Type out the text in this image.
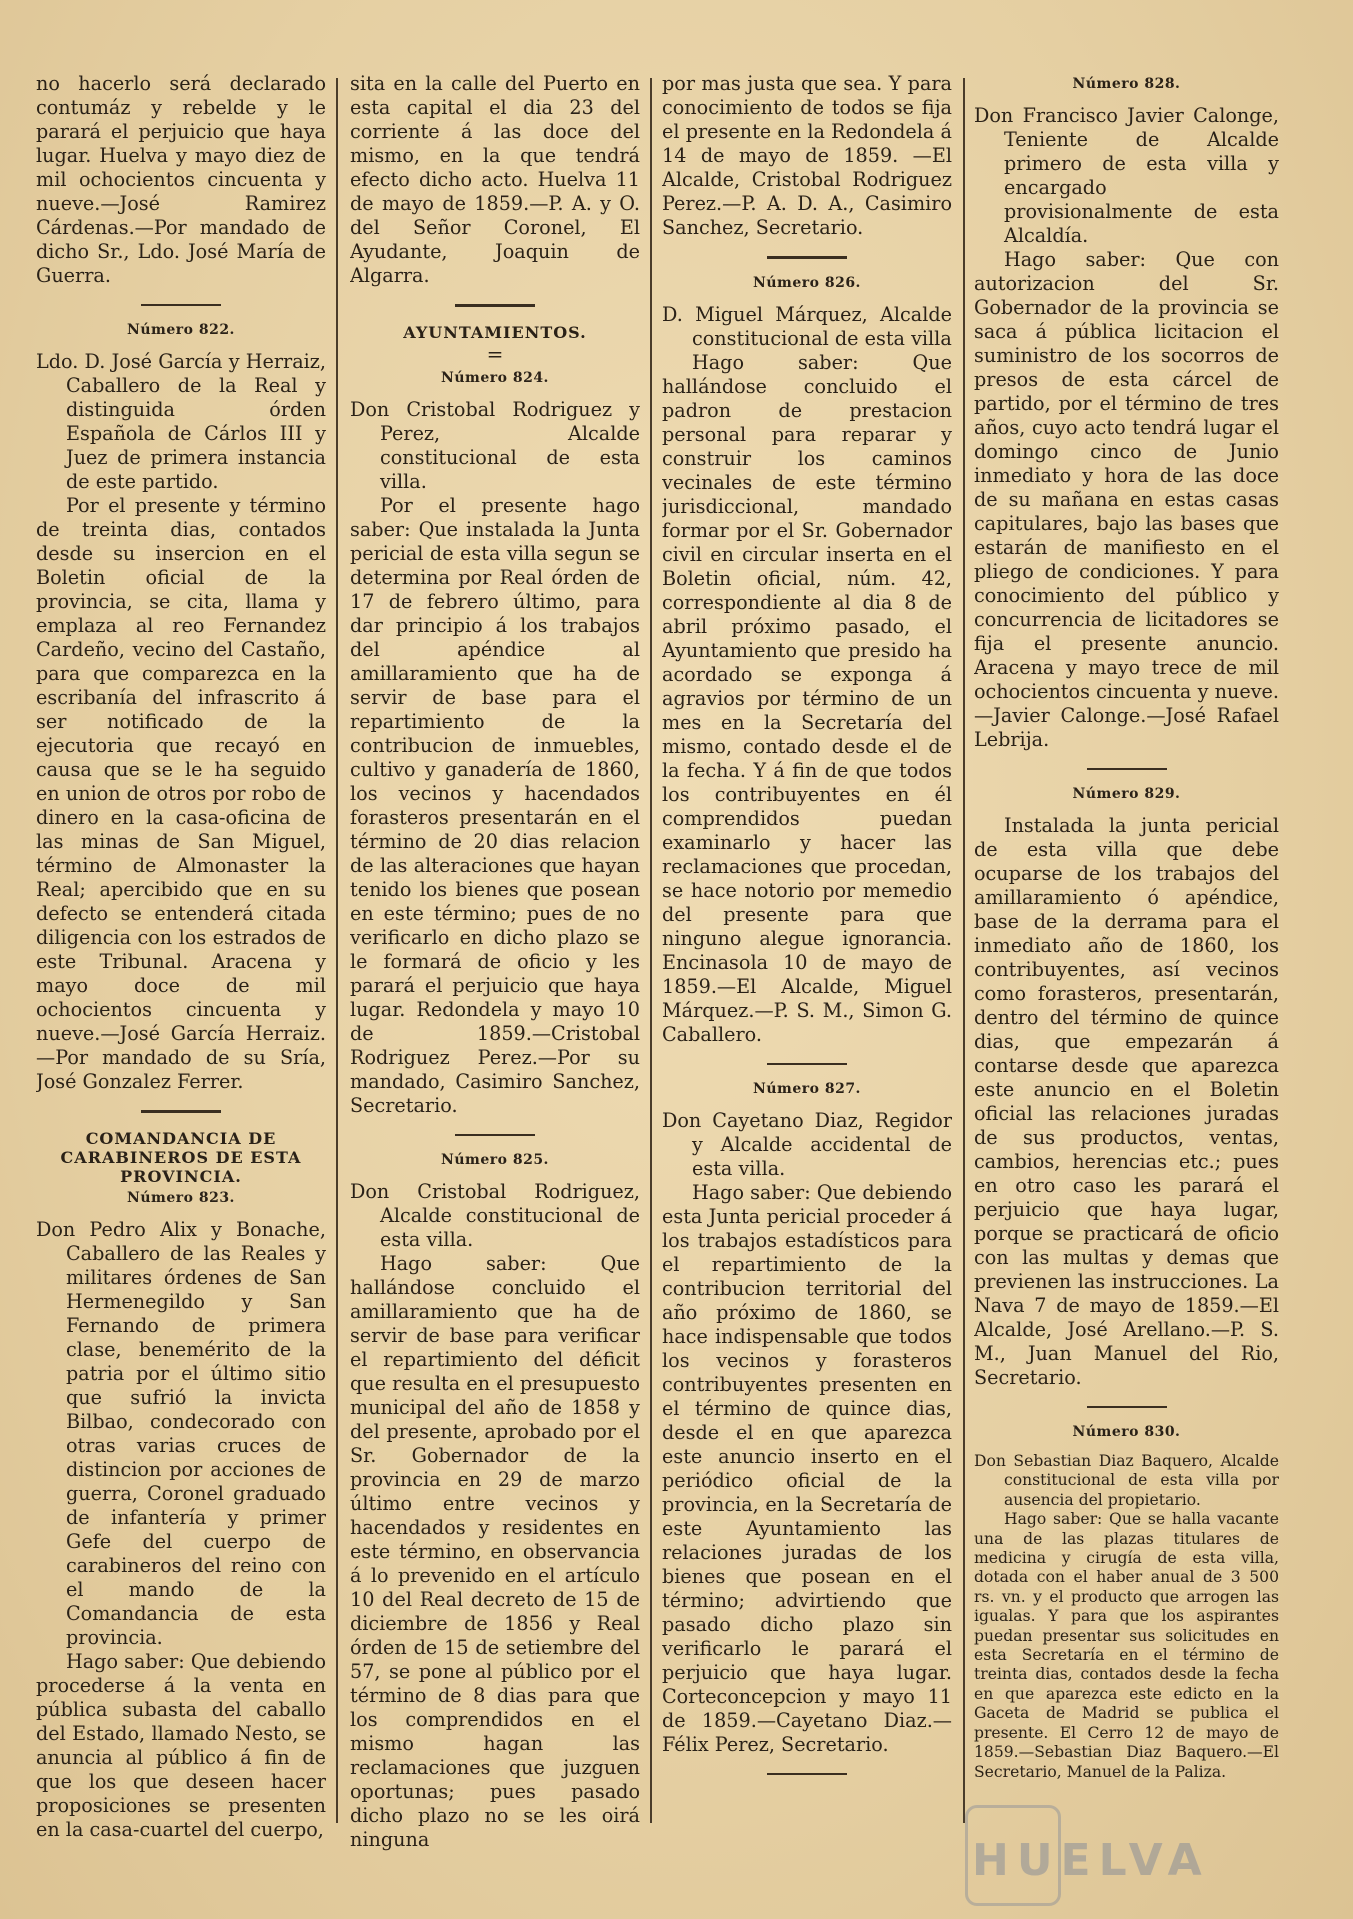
no hacerlo será declarado contumáz y rebelde y le parará el perjuicio que haya lugar. Huelva y mayo diez de mil ochocientos cincuenta y nueve.—José Ramirez Cárdenas.—Por mandado de dicho Sr., Ldo. José María de Guerra.

Número 822.

Ldo. D. José García y Herraiz, Caballero de la Real y distinguida órden Española de Cárlos III y Juez de primera instancia de este partido.

Por el presente y término de treinta dias, contados desde su insercion en el Boletin oficial de la provincia, se cita, llama y emplaza al reo Fernandez Cardeño, vecino del Castaño, para que comparezca en la escribanía del infrascrito á ser notificado de la ejecutoria que recayó en causa que se le ha seguido en union de otros por robo de dinero en la casa-oficina de las minas de San Miguel, término de Almonaster la Real; apercibido que en su defecto se entenderá citada diligencia con los estrados de este Tribunal. Aracena y mayo doce de mil ochocientos cincuenta y nueve.—José García Herraiz.—Por mandado de su Sría, José Gonzalez Ferrer.

COMANDANCIA DE CARABINEROS DE ESTA PROVINCIA.
Número 823.

Don Pedro Alix y Bonache, Caballero de las Reales y militares órdenes de San Hermenegildo y San Fernando de primera clase, benemérito de la patria por el último sitio que sufrió la invicta Bilbao, condecorado con otras varias cruces de distincion por acciones de guerra, Coronel graduado de infantería y primer Gefe del cuerpo de carabineros del reino con el mando de la Comandancia de esta provincia.

Hago saber: Que debiendo procederse á la venta en pública subasta del caballo del Estado, llamado Nesto, se anuncia al público á fin de que los que deseen hacer proposiciones se presenten en la casa-cuartel del cuerpo,

sita en la calle del Puerto en esta capital el dia 23 del corriente á las doce del mismo, en la que tendrá efecto dicho acto. Huelva 11 de mayo de 1859.—P. A. y O. del Señor Coronel, El Ayudante, Joaquin de Algarra.

AYUNTAMIENTOS.
=
Número 824.

Don Cristobal Rodriguez y Perez, Alcalde constitucional de esta villa.

Por el presente hago saber: Que instalada la Junta pericial de esta villa segun se determina por Real órden de 17 de febrero último, para dar principio á los trabajos del apéndice al amillaramiento que ha de servir de base para el repartimiento de la contribucion de inmuebles, cultivo y ganadería de 1860, los vecinos y hacendados forasteros presentarán en el término de 20 dias relacion de las alteraciones que hayan tenido los bienes que posean en este término; pues de no verificarlo en dicho plazo se le formará de oficio y les parará el perjuicio que haya lugar. Redondela y mayo 10 de 1859.—Cristobal Rodriguez Perez.—Por su mandado, Casimiro Sanchez, Secretario.

Número 825.

Don Cristobal Rodriguez, Alcalde constitucional de esta villa.

Hago saber: Que hallándose concluido el amillaramiento que ha de servir de base para verificar el repartimiento del déficit que resulta en el presupuesto municipal del año de 1858 y del presente, aprobado por el Sr. Gobernador de la provincia en 29 de marzo último entre vecinos y hacendados y residentes en este término, en observancia á lo prevenido en el artículo 10 del Real decreto de 15 de diciembre de 1856 y Real órden de 15 de setiembre del 57, se pone al público por el término de 8 dias para que los comprendidos en el mismo hagan las reclamaciones que juzguen oportunas; pues pasado dicho plazo no se les oirá ninguna

por mas justa que sea. Y para conocimiento de todos se fija el presente en la Redondela á 14 de mayo de 1859. —El Alcalde, Cristobal Rodriguez Perez.—P. A. D. A., Casimiro Sanchez, Secretario.

Número 826.

D. Miguel Márquez, Alcalde constitucional de esta villa

Hago saber: Que hallándose concluido el padron de prestacion personal para reparar y construir los caminos vecinales de este término jurisdiccional, mandado formar por el Sr. Gobernador civil en circular inserta en el Boletin oficial, núm. 42, correspondiente al dia 8 de abril próximo pasado, el Ayuntamiento que presido ha acordado se exponga á agravios por término de un mes en la Secretaría del mismo, contado desde el de la fecha. Y á fin de que todos los contribuyentes en él comprendidos puedan examinarlo y hacer las reclamaciones que procedan, se hace notorio por memedio del presente para que ninguno alegue ignorancia. Encinasola 10 de mayo de 1859.—El Alcalde, Miguel Márquez.—P. S. M., Simon G. Caballero.

Número 827.

Don Cayetano Diaz, Regidor y Alcalde accidental de esta villa.

Hago saber: Que debiendo esta Junta pericial proceder á los trabajos estadísticos para el repartimiento de la contribucion territorial del año próximo de 1860, se hace indispensable que todos los vecinos y forasteros contribuyentes presenten en el término de quince dias, desde el en que aparezca este anuncio inserto en el periódico oficial de la provincia, en la Secretaría de este Ayuntamiento las relaciones juradas de los bienes que posean en el término; advirtiendo que pasado dicho plazo sin verificarlo le parará el perjuicio que haya lugar. Corteconcepcion y mayo 11 de 1859.—Cayetano Diaz.—Félix Perez, Secretario.

Número 828.

Don Francisco Javier Calonge, Teniente de Alcalde primero de esta villa y encargado provisionalmente de esta Alcaldía.

Hago saber: Que con autorizacion del Sr. Gobernador de la provincia se saca á pública licitacion el suministro de los socorros de presos de esta cárcel de partido, por el término de tres años, cuyo acto tendrá lugar el domingo cinco de Junio inmediato y hora de las doce de su mañana en estas casas capitulares, bajo las bases que estarán de manifiesto en el pliego de condiciones. Y para conocimiento del público y concurrencia de licitadores se fija el presente anuncio. Aracena y mayo trece de mil ochocientos cincuenta y nueve.—Javier Calonge.—José Rafael Lebrija.

Número 829.

Instalada la junta pericial de esta villa que debe ocuparse de los trabajos del amillaramiento ó apéndice, base de la derrama para el inmediato año de 1860, los contribuyentes, así vecinos como forasteros, presentarán, dentro del término de quince dias, que empezarán á contarse desde que aparezca este anuncio en el Boletin oficial las relaciones juradas de sus productos, ventas, cambios, herencias etc.; pues en otro caso les parará el perjuicio que haya lugar, porque se practicará de oficio con las multas y demas que previenen las instrucciones. La Nava 7 de mayo de 1859.—El Alcalde, José Arellano.—P. S. M., Juan Manuel del Rio, Secretario.

Número 830.

Don Sebastian Diaz Baquero, Alcalde constitucional de esta villa por ausencia del propietario.

Hago saber: Que se halla vacante una de las plazas titulares de medicina y cirugía de esta villa, dotada con el haber anual de 3 500 rs. vn. y el producto que arrogen las igualas. Y para que los aspirantes puedan presentar sus solicitudes en esta Secretaría en el término de treinta dias, contados desde la fecha en que aparezca este edicto en la Gaceta de Madrid se publica el presente. El Cerro 12 de mayo de 1859.—Sebastian Diaz Baquero.—El Secretario, Manuel de la Paliza.

HUELVA
